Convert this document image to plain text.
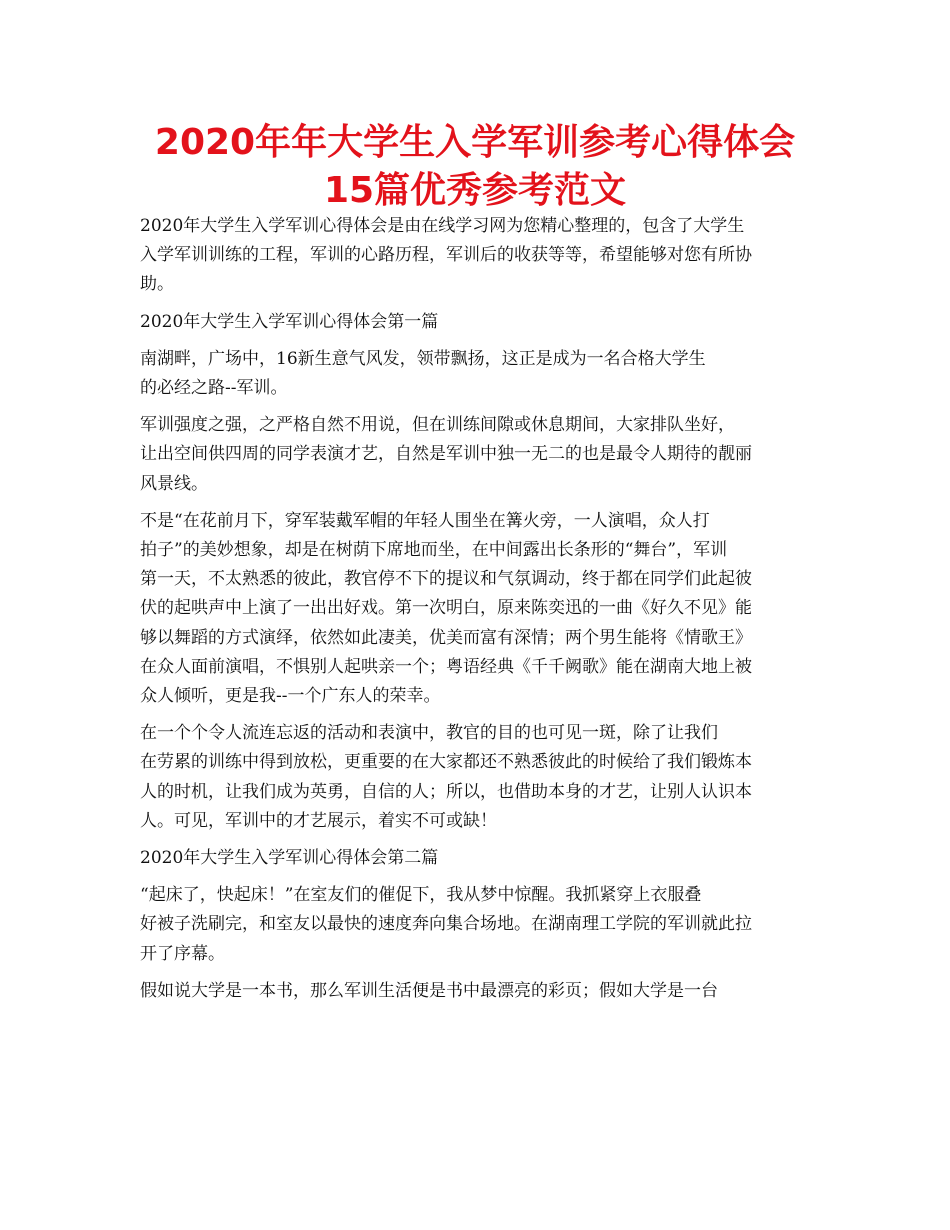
2020年年大学生入学军训参考心得体会
15篇优秀参考范文

2020年大学生入学军训心得体会是由在线学习网为您精心整理的，包含了大学生
入学军训训练的工程，军训的心路历程，军训后的收获等等，希望能够对您有所协
助。

2020年大学生入学军训心得体会第一篇

南湖畔，广场中，16新生意气风发，领带飘扬，这正是成为一名合格大学生
的必经之路--军训。

军训强度之强，之严格自然不用说，但在训练间隙或休息期间，大家排队坐好，
让出空间供四周的同学表演才艺，自然是军训中独一无二的也是最令人期待的靓丽
风景线。

不是“在花前月下，穿军装戴军帽的年轻人围坐在篝火旁，一人演唱，众人打
拍子”的美妙想象，却是在树荫下席地而坐，在中间露出长条形的“舞台”，军训
第一天，不太熟悉的彼此，教官停不下的提议和气氛调动，终于都在同学们此起彼
伏的起哄声中上演了一出出好戏。第一次明白，原来陈奕迅的一曲《好久不见》能
够以舞蹈的方式演绎，依然如此凄美，优美而富有深情；两个男生能将《情歌王》
在众人面前演唱，不惧别人起哄亲一个；粤语经典《千千阙歌》能在湖南大地上被
众人倾听，更是我--一个广东人的荣幸。

在一个个令人流连忘返的活动和表演中，教官的目的也可见一斑，除了让我们
在劳累的训练中得到放松，更重要的在大家都还不熟悉彼此的时候给了我们锻炼本
人的时机，让我们成为英勇，自信的人；所以，也借助本身的才艺，让别人认识本
人。可见，军训中的才艺展示，着实不可或缺！

2020年大学生入学军训心得体会第二篇

“起床了，快起床！”在室友们的催促下，我从梦中惊醒。我抓紧穿上衣服叠
好被子洗刷完，和室友以最快的速度奔向集合场地。在湖南理工学院的军训就此拉
开了序幕。

假如说大学是一本书，那么军训生活便是书中最漂亮的彩页；假如大学是一台
